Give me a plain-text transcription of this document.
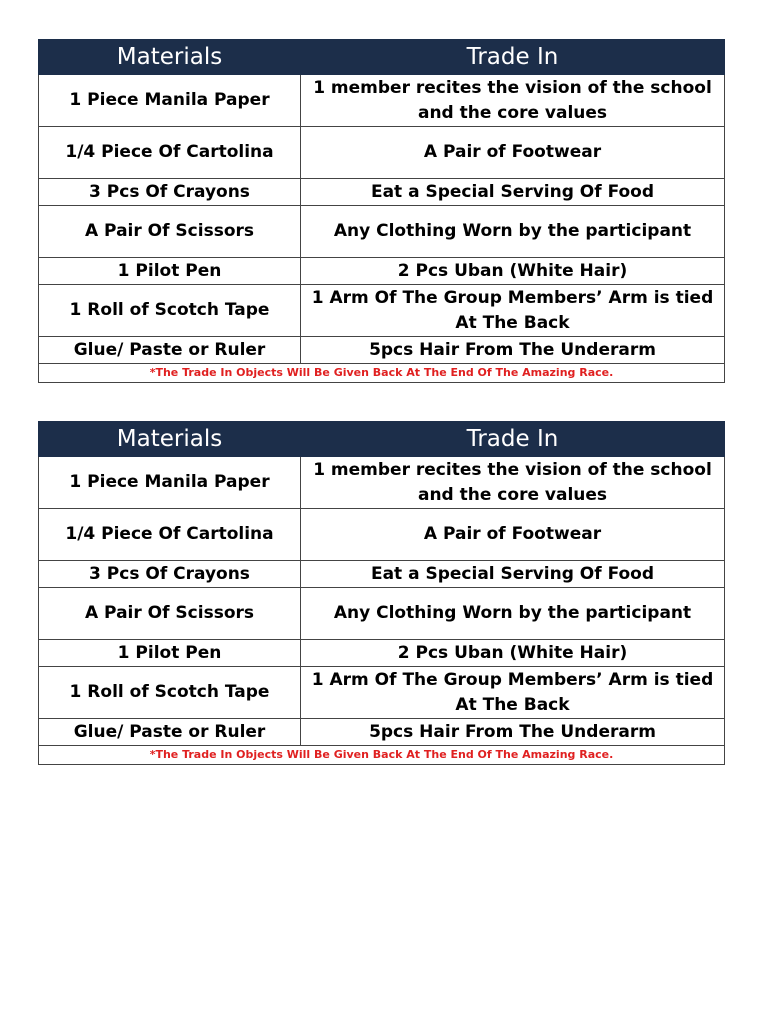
Materials	Trade In
1 Piece Manila Paper	1 member recites the vision of the school and the core values
1/4 Piece Of Cartolina	A Pair of Footwear
3 Pcs Of Crayons	Eat a Special Serving Of Food
A Pair Of Scissors	Any Clothing Worn by the participant
1 Pilot Pen	2 Pcs Uban (White Hair)
1 Roll of Scotch Tape	1 Arm Of The Group Members’ Arm is tied At The Back
Glue/ Paste or Ruler	5pcs Hair From The Underarm
*The Trade In Objects Will Be Given Back At The End Of The Amazing Race.	
Materials	Trade In
1 Piece Manila Paper	1 member recites the vision of the school and the core values
1/4 Piece Of Cartolina	A Pair of Footwear
3 Pcs Of Crayons	Eat a Special Serving Of Food
A Pair Of Scissors	Any Clothing Worn by the participant
1 Pilot Pen	2 Pcs Uban (White Hair)
1 Roll of Scotch Tape	1 Arm Of The Group Members’ Arm is tied At The Back
Glue/ Paste or Ruler	5pcs Hair From The Underarm
*The Trade In Objects Will Be Given Back At The End Of The Amazing Race.	
